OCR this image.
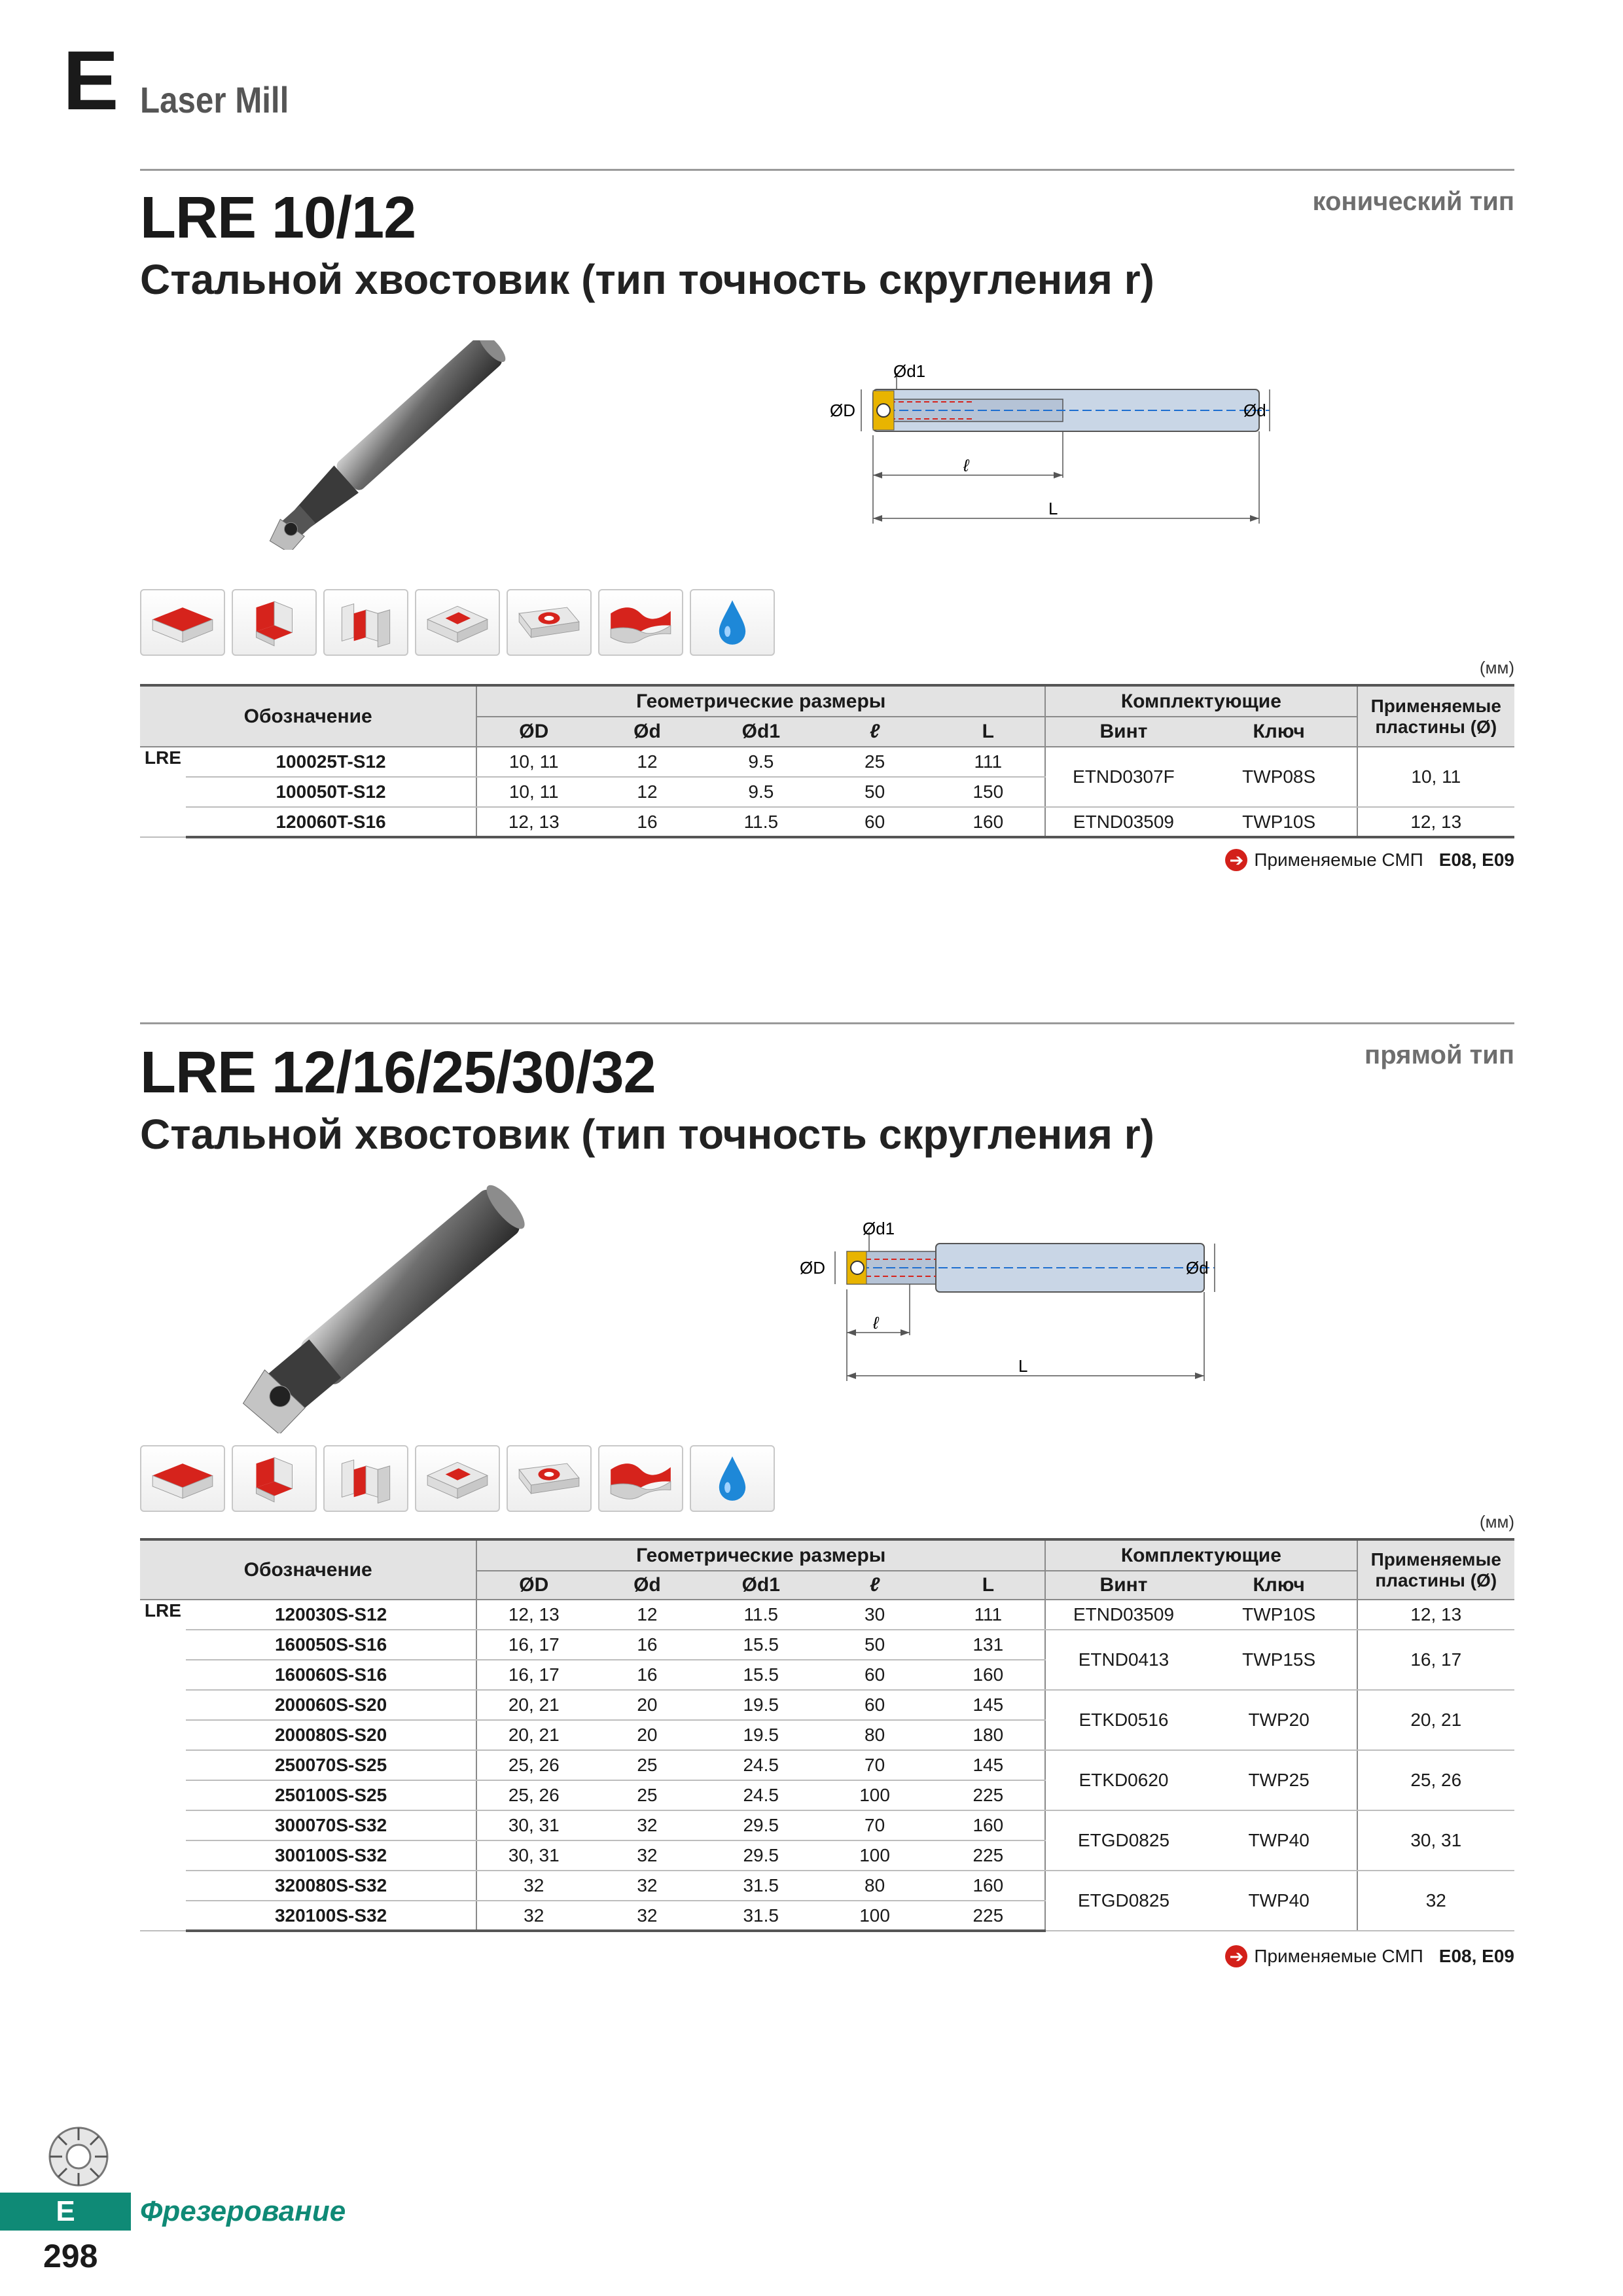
E Laser Mill
LRE 10/12	конический тип
Стальной хвостовик (тип точность скругления r)
Ød1
ØD	Ød
ℓ
L
(мм)
Обозначение		Геометрические размеры					Комплектующие		Применяемые пластины (Ø)
		ØD	Ød	Ød1	ℓ	L	Винт	Ключ	
LRE	100025T-S12	10, 11	12	9.5	25	111	ETND0307F	TWP08S	10, 11
	100050T-S12	10, 11	12	9.5	50	150			
	120060T-S16	12, 13	16	11.5	60	160	ETND03509	TWP10S	12, 13
➔ Применяемые СМП E08, E09
LRE 12/16/25/30/32	прямой тип
Стальной хвостовик (тип точность скругления r)
Ød1
ØD	Ød
ℓ
L
(мм)
Обозначение		Геометрические размеры					Комплектующие		Применяемые пластины (Ø)
		ØD	Ød	Ød1	ℓ	L	Винт	Ключ	
LRE	120030S-S12	12, 13	12	11.5	30	111	ETND03509	TWP10S	12, 13
	160050S-S16	16, 17	16	15.5	50	131	ETND0413	TWP15S	16, 17
	160060S-S16	16, 17	16	15.5	60	160			
	200060S-S20	20, 21	20	19.5	60	145	ETKD0516	TWP20	20, 21
	200080S-S20	20, 21	20	19.5	80	180			
	250070S-S25	25, 26	25	24.5	70	145	ETKD0620	TWP25	25, 26
	250100S-S25	25, 26	25	24.5	100	225			
	300070S-S32	30, 31	32	29.5	70	160	ETGD0825	TWP40	30, 31
	300100S-S32	30, 31	32	29.5	100	225			
	320080S-S32	32	32	31.5	80	160	ETGD0825	TWP40	32
	320100S-S32	32	32	31.5	100	225			
➔ Применяемые СМП E08, E09
E	Фрезерование
298
